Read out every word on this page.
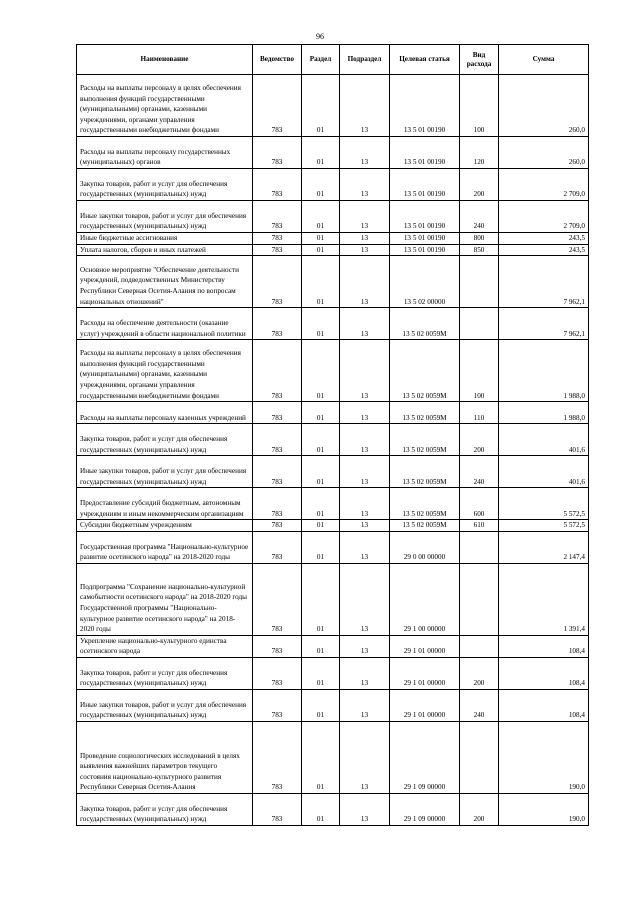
96
Наименование	Ведомство	Раздел	Подраздел	Целевая статья	Вид расхода	Сумма
Расходы на выплаты персоналу в целях обеспечения выполнения функций государственными (муниципальными) органами, казенными учреждениями, органами управления государственными внебюджетными фондами	783	01	13	13 5 01 00190	100	260,0
Расходы на выплаты персоналу государственных (муниципальных) органов	783	01	13	13 5 01 00190	120	260,0
Закупка товаров, работ и услуг для обеспечения государственных (муниципальных) нужд	783	01	13	13 5 01 00190	200	2 709,0
Иные закупки товаров, работ и услуг для обеспечения государственных (муниципальных) нужд	783	01	13	13 5 01 00190	240	2 709,0
Иные бюджетные ассигнования	783	01	13	13 5 01 00190	800	243,5
Уплата налогов, сборов и иных платежей	783	01	13	13 5 01 00190	850	243,5
Основное мероприятие "Обеспечение деятельности учреждений, подведомственных Министерству Республики Северная Осетия-Алания по вопросам национальных отношений"	783	01	13	13 5 02 00000		7 962,1
Расходы на обеспечение деятельности (оказание услуг) учреждений в области национальной политики	783	01	13	13 5 02 0059М		7 962,1
Расходы на выплаты персоналу в целях обеспечения выполнения функций государственными (муниципальными) органами, казенными учреждениями, органами управления государственными внебюджетными фондами	783	01	13	13 5 02 0059М	100	1 988,0
Расходы на выплаты персоналу казенных учреждений	783	01	13	13 5 02 0059М	110	1 988,0
Закупка товаров, работ и услуг для обеспечения государственных (муниципальных) нужд	783	01	13	13 5 02 0059М	200	401,6
Иные закупки товаров, работ и услуг для обеспечения государственных (муниципальных) нужд	783	01	13	13 5 02 0059М	240	401,6
Предоставление субсидий бюджетным, автономным учреждениям и иным некоммерческим организациям	783	01	13	13 5 02 0059М	600	5 572,5
Субсидии бюджетным учреждениям	783	01	13	13 5 02 0059М	610	5 572,5
Государственная программа "Национально-культурное развитие осетинского народа" на 2018-2020 годы	783	01	13	29 0 00 00000		2 147,4
Подпрограмма "Сохранение национально-культурной самобытности осетинского народа" на 2018-2020 годы Государственной программы "Национально-культурное развитие осетинского народа" на 2018-2020 годы	783	01	13	29 1 00 00000		1 391,4
Укрепление национально-культурного единства осетинского народа	783	01	13	29 1 01 00000		108,4
Закупка товаров, работ и услуг для обеспечения государственных (муниципальных) нужд	783	01	13	29 1 01 00000	200	108,4
Иные закупки товаров, работ и услуг для обеспечения государственных (муниципальных) нужд	783	01	13	29 1 01 00000	240	108,4
Проведение социологических исследований в целях выявления важнейших параметров текущего состояния национально-культурного развития Республики Северная Осетия-Алания	783	01	13	29 1 09 00000		190,0
Закупка товаров, работ и услуг для обеспечения государственных (муниципальных) нужд	783	01	13	29 1 09 00000	200	190,0
